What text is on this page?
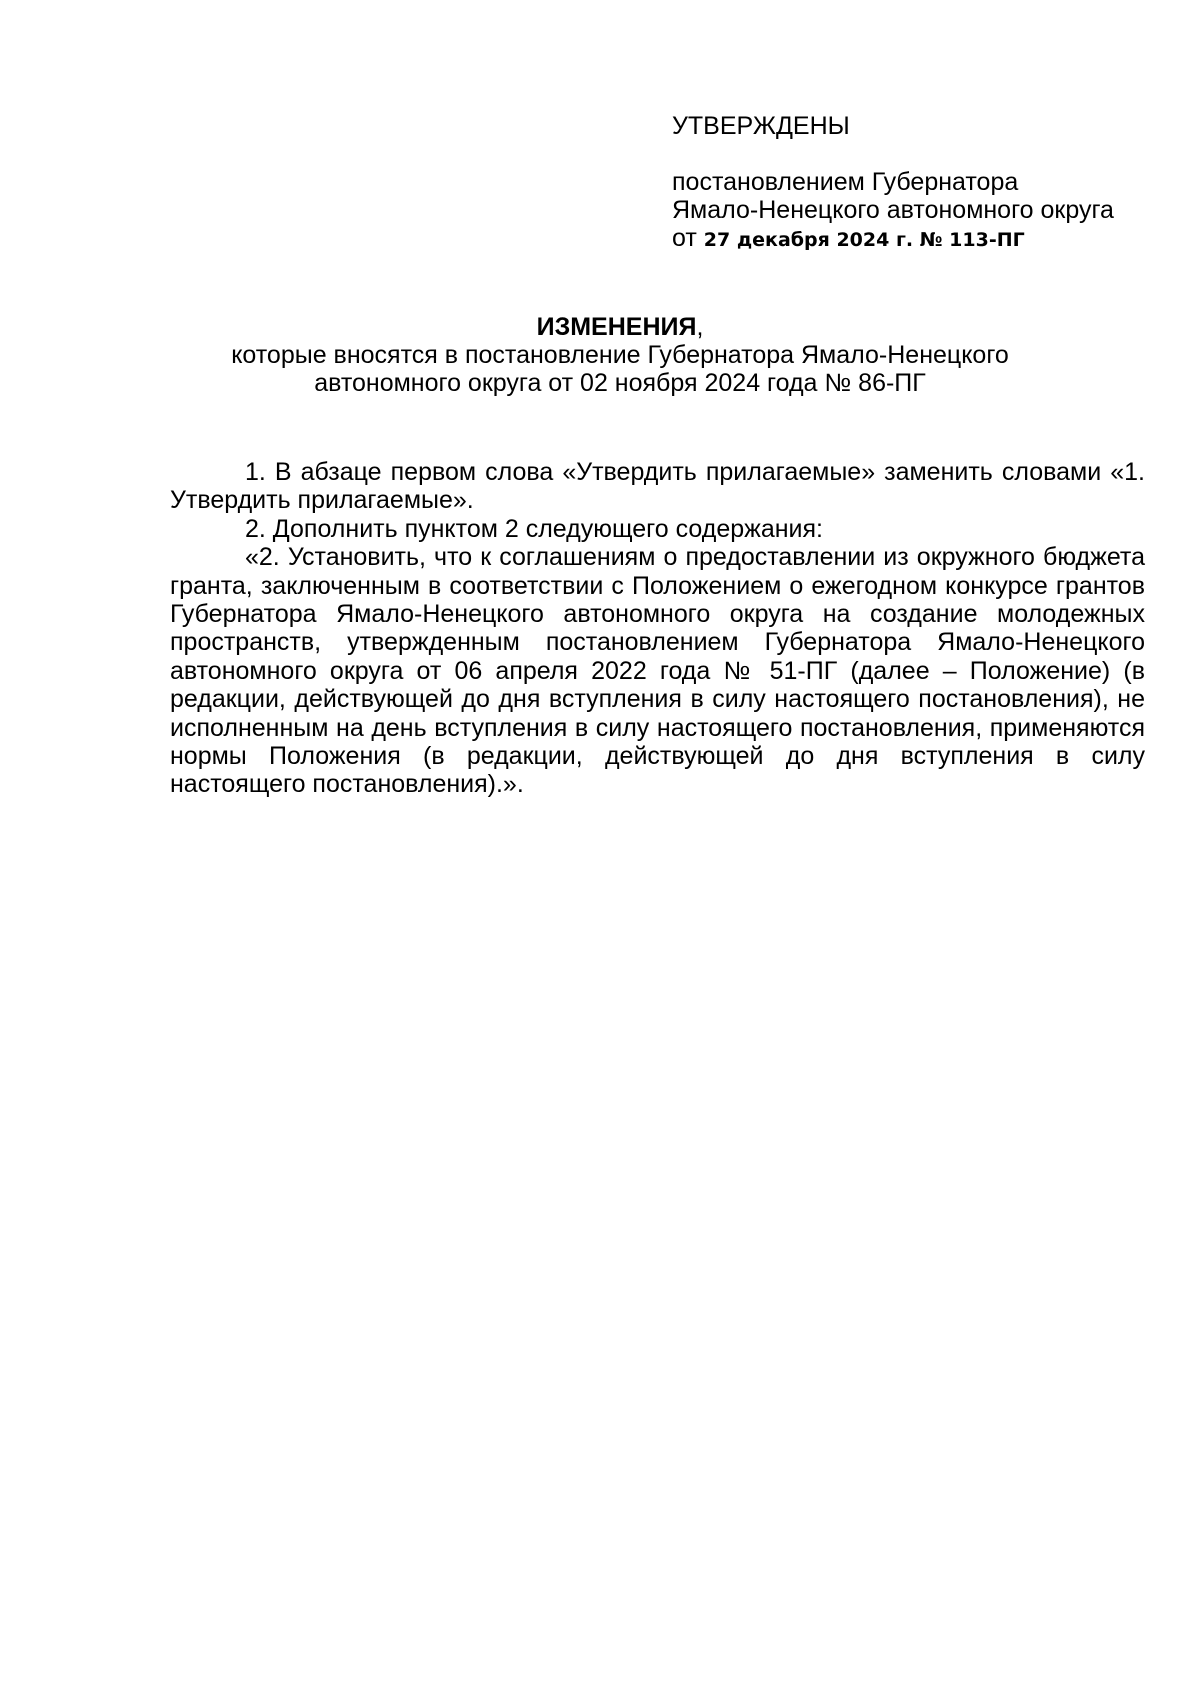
УТВЕРЖДЕНЫ
постановлением Губернатора
Ямало-Ненецкого автономного округа
от 27 декабря 2024 г. № 113-ПГ
ИЗМЕНЕНИЯ,
которые вносятся в постановление Губернатора Ямало-Ненецкого
автономного округа от 02 ноября 2024 года № 86-ПГ

1. В абзаце первом слова «Утвердить прилагаемые» заменить словами «1. Утвердить прилагаемые».

2. Дополнить пунктом 2 следующего содержания:

«2. Установить, что к соглашениям о предоставлении из окружного бюджета гранта, заключенным в соответствии с Положением о ежегодном конкурсе грантов Губернатора Ямало-Ненецкого автономного округа на создание молодежных пространств, утвержденным постановлением Губернатора Ямало-Ненецкого автономного округа от 06 апреля 2022 года № 51-ПГ (далее – Положение) (в редакции, действующей до дня вступления в силу настоящего постановления), не исполненным на день вступления в силу настоящего постановления, применяются нормы Положения (в редакции, действующей до дня вступления в силу настоящего постановления).».
